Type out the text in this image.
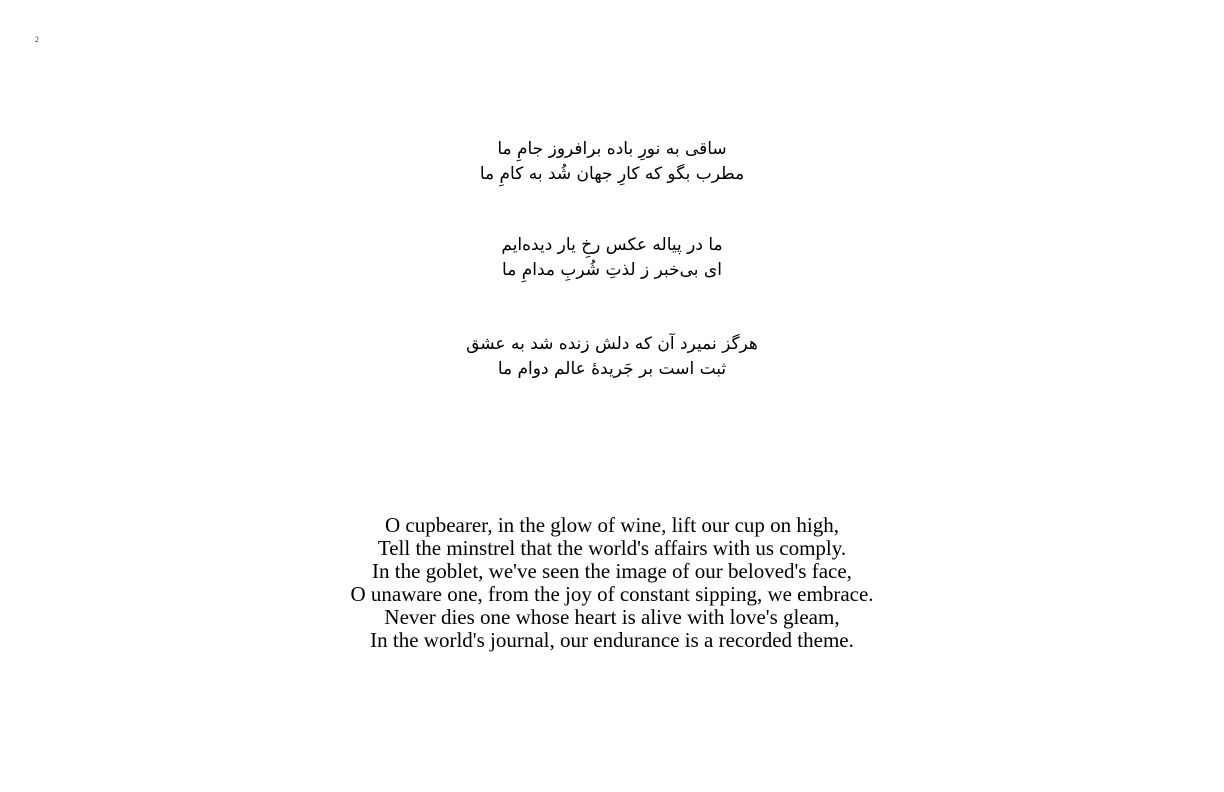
2
ساقی به نورِ باده برافروز جامِ ما
مطرب بگو که کارِ جهان شُد به کامِ ما
ما در پیاله عکس رخِ یار دیده‌ایم
ای بی‌خبر ز لذتِ شُربِ مدامِ ما
هرگز نمیرد آن که دلش زنده شد به عشق
ثبت است بر جَریدهٔ عالم دوام ما
O cupbearer, in the glow of wine, lift our cup on high,
Tell the minstrel that the world's affairs with us comply.
In the goblet, we've seen the image of our beloved's face,
O unaware one, from the joy of constant sipping, we embrace.
Never dies one whose heart is alive with love's gleam,
In the world's journal, our endurance is a recorded theme.
